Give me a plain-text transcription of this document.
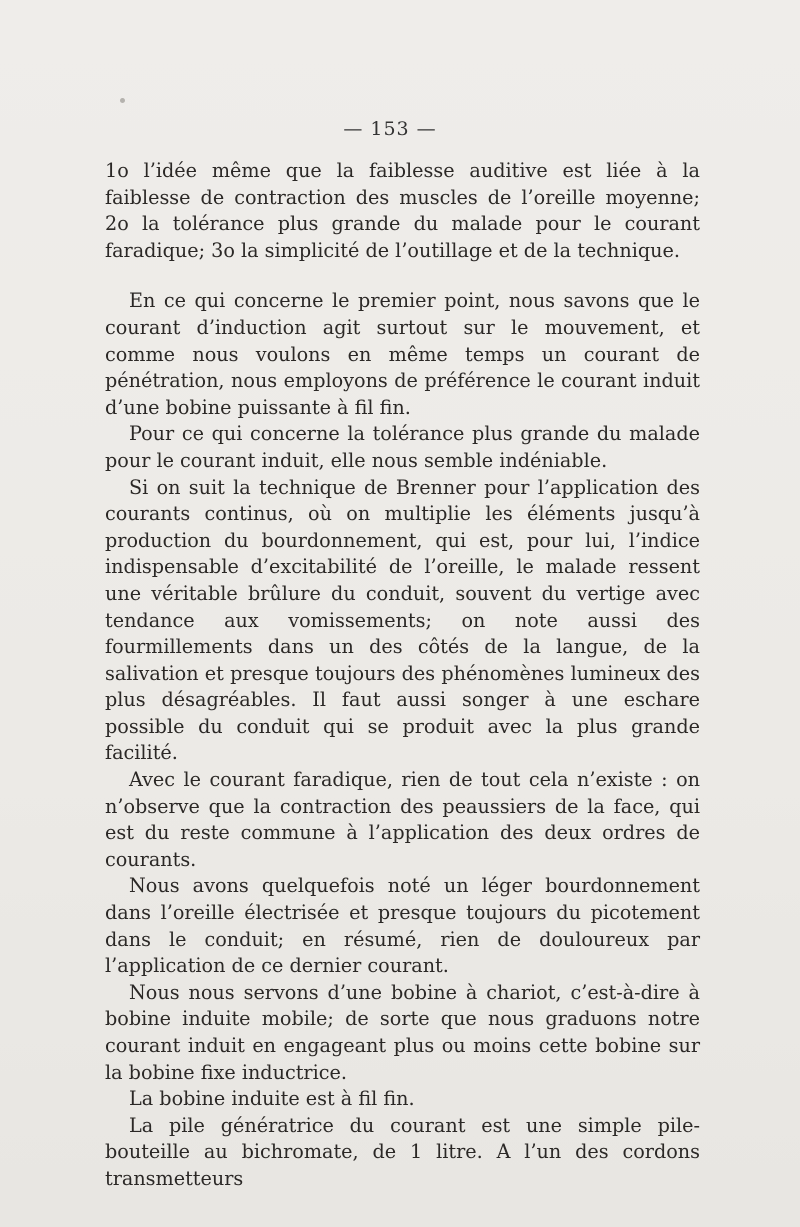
— 153 —

1o l’idée même que la faiblesse auditive est liée à la faiblesse de contraction des muscles de l’oreille moyenne; 2o la tolérance plus grande du malade pour le courant faradique; 3o la simplicité de l’outillage et de la technique.

En ce qui concerne le premier point, nous savons que le courant d’induction agit surtout sur le mouvement, et comme nous voulons en même temps un courant de pénétration, nous employons de préférence le courant induit d’une bobine puissante à fil fin.

Pour ce qui concerne la tolérance plus grande du malade pour le courant induit, elle nous semble indéniable.

Si on suit la technique de Brenner pour l’application des courants continus, où on multiplie les éléments jusqu’à production du bourdonnement, qui est, pour lui, l’indice indispensable d’excitabilité de l’oreille, le malade ressent une véritable brûlure du conduit, souvent du vertige avec tendance aux vomissements; on note aussi des fourmillements dans un des côtés de la langue, de la salivation et presque toujours des phénomènes lumineux des plus désagréables. Il faut aussi songer à une eschare possible du conduit qui se produit avec la plus grande facilité.

Avec le courant faradique, rien de tout cela n’existe : on n’observe que la contraction des peaussiers de la face, qui est du reste commune à l’application des deux ordres de courants.

Nous avons quelquefois noté un léger bourdonnement dans l’oreille électrisée et presque toujours du picotement dans le conduit; en résumé, rien de douloureux par l’application de ce dernier courant.

Nous nous servons d’une bobine à chariot, c’est-à-dire à bobine induite mobile; de sorte que nous graduons notre courant induit en engageant plus ou moins cette bobine sur la bobine fixe inductrice.

La bobine induite est à fil fin.

La pile génératrice du courant est une simple pile-bouteille au bichromate, de 1 litre. A l’un des cordons transmetteurs
